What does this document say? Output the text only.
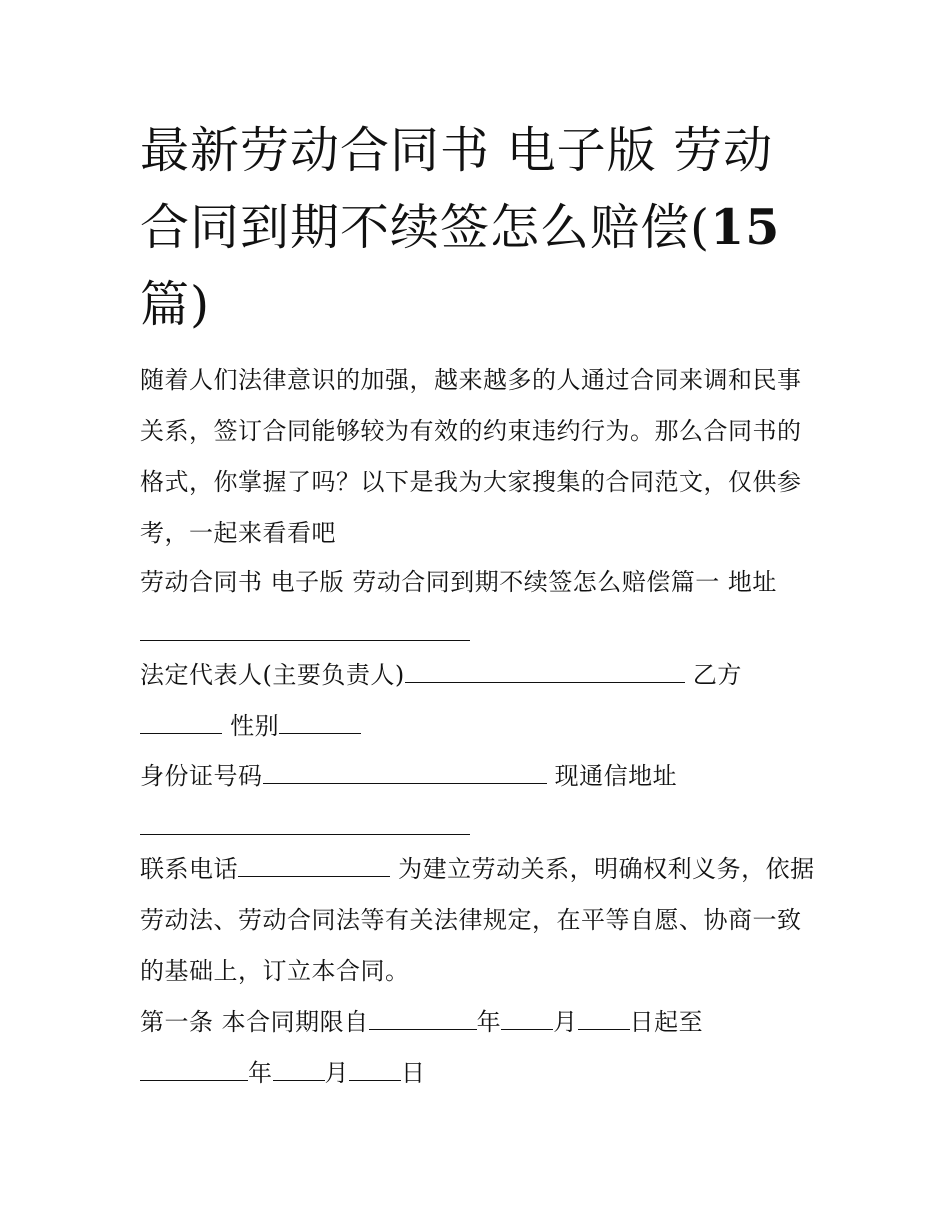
最新劳动合同书 电子版 劳动合同到期不续签怎么赔偿(15
篇)

随着人们法律意识的加强，越来越多的人通过合同来调和民事关系，签订合同能够较为有效的约束违约行为。那么合同书的格式，你掌握了吗？以下是我为大家搜集的合同范文，仅供参考，一起来看看吧

劳动合同书 电子版 劳动合同到期不续签怎么赔偿篇一 地址

法定代表人(主要负责人)	乙方
性别

身份证号码	现通信地址

联系电话	为建立劳动关系，明确权利义务，依据劳动法、劳动合同法等有关法律规定，在平等自愿、协商一致的基础上，订立本合同。

第一条 本合同期限自	年 月 日起至
年 月 日
